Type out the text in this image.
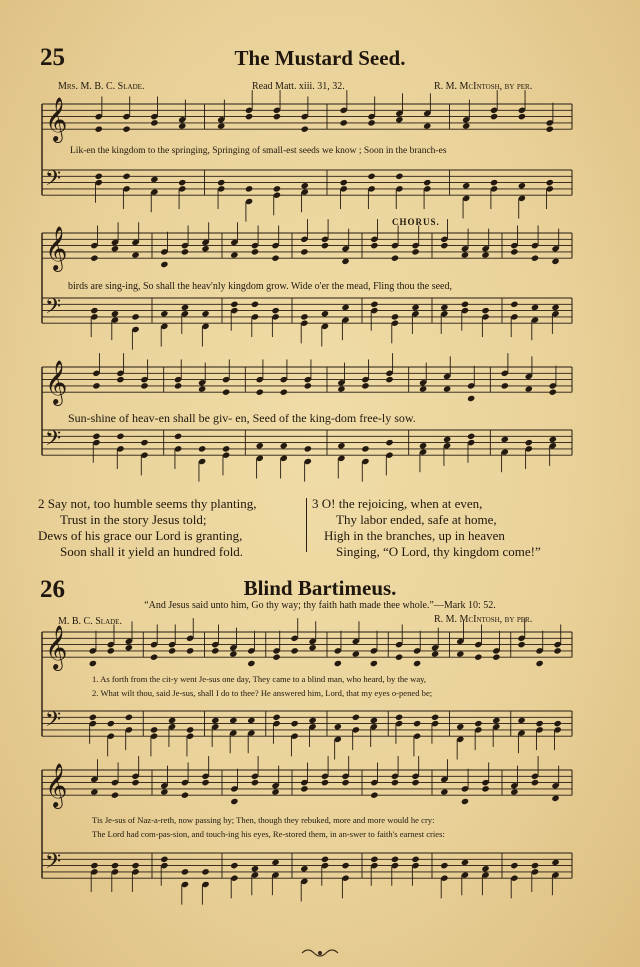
𝄞
𝄢
𝄞
𝄢
𝄞
𝄢
𝄞
𝄢
𝄞
𝄢
25	The Mustard Seed.
Mrs. M. B. C. Slade.	Read Matt. xiii. 31, 32.	R. M. McIntosh, by per.
Lik-en the kingdom to the springing, Springing of small-est seeds we know ; Soon in the branch-es
CHORUS.
birds are sing-ing, So shall the heav'nly kingdom grow. Wide o'er the mead, Fling thou the seed,
Sun-shine of heav-en shall be giv- en, Seed of the king-dom free-ly sow.
2 Say not, too humble seems thy planting,
Trust in the story Jesus told;
Dews of his grace our Lord is granting,
Soon shall it yield an hundred fold.
3 O! the rejoicing, when at even,
Thy labor ended, safe at home,
High in the branches, up in heaven
Singing, “O Lord, thy kingdom come!”
26	Blind Bartimeus.
“And Jesus said unto him, Go thy way; thy faith hath made thee whole.”—Mark 10: 52.
M. B. C. Slade.	R. M. McIntosh, by per.
1. As forth from the cit-y went Je-sus one day, They came to a blind man, who heard, by the way,
2. What wilt thou, said Je-sus, shall I do to thee? He answered him, Lord, that my eyes o-pened be;
Tis Je-sus of Naz-a-reth, now passing by; Then, though they rebuked, more and more would he cry:
The Lord had com-pas-sion, and touch-ing his eyes, Re-stored them, in an-swer to faith's earnest cries:
